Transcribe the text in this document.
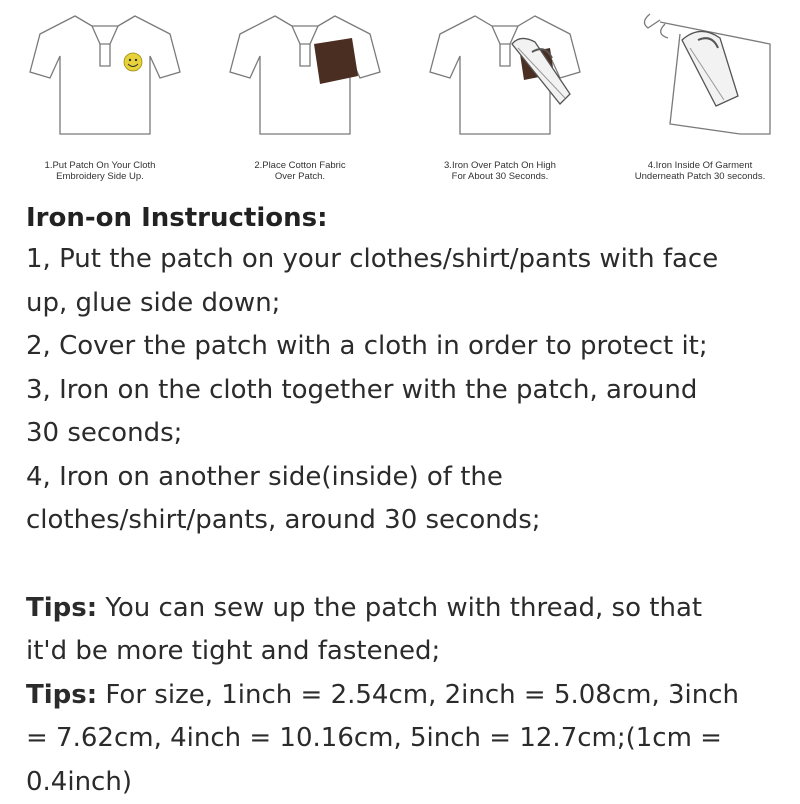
1.Put Patch On Your Cloth
Embroidery Side Up.
2.Place Cotton Fabric
Over Patch.
3.Iron Over Patch On High
For About 30 Seconds.
4.Iron Inside Of Garment
Underneath Patch 30 seconds.
Iron-on Instructions:
1, Put the patch on your clothes/shirt/pants with face
up, glue side down;
2, Cover the patch with a cloth in order to protect it;
3, Iron on the cloth together with the patch, around
30 seconds;
4, Iron on another side(inside) of the
clothes/shirt/pants, around 30 seconds;
Tips: You can sew up the patch with thread, so that
it'd be more tight and fastened;
Tips: For size, 1inch = 2.54cm, 2inch = 5.08cm, 3inch
= 7.62cm, 4inch = 10.16cm, 5inch = 12.7cm;(1cm =
0.4inch)
